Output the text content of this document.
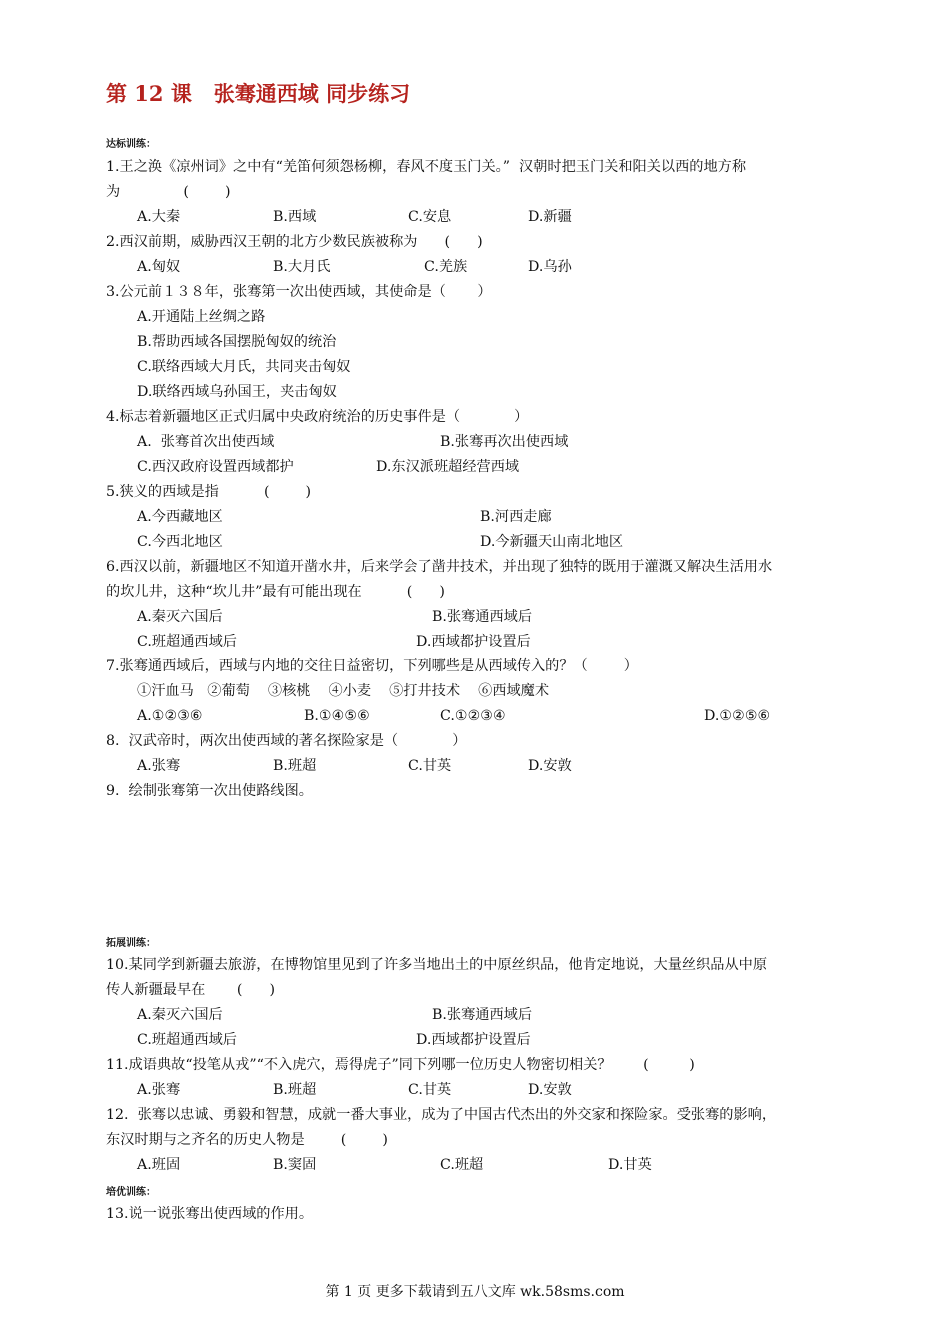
第 12 课   张骞通西域 同步练习
达标训练：
1.王之涣《凉州词》之中有“羌笛何须怨杨柳，春风不度玉门关。”  汉朝时把玉门关和阳关以西的地方称
为              (        )
A.大秦	B.西域	C.安息	D.新疆
2.西汉前期，威胁西汉王朝的北方少数民族被称为      (      )
A.匈奴	B.大月氏	C.羌族	D.乌孙
3.公元前１３８年，张骞第一次出使西域，其使命是（       ）
A.开通陆上丝绸之路
B.帮助西域各国摆脱匈奴的统治
C.联络西域大月氏，共同夹击匈奴
D.联络西域乌孙国王，夹击匈奴
4.标志着新疆地区正式归属中央政府统治的历史事件是（            ）
A.  张骞首次出使西域	B.张骞再次出使西域
C.西汉政府设置西域都护	D.东汉派班超经营西域
5.狭义的西域是指          (        )
A.今西藏地区	B.河西走廊
C.今西北地区	D.今新疆天山南北地区
6.西汉以前，新疆地区不知道开凿水井，后来学会了凿井技术，并出现了独特的既用于灌溉又解决生活用水
的坎儿井，这种“坎儿井”最有可能出现在          (      )
A.秦灭六国后	B.张骞通西域后
C.班超通西域后	D.西域都护设置后
7.张骞通西域后，西域与内地的交往日益密切，下列哪些是从西域传入的？（        ）
①汗血马   ②葡萄    ③核桃    ④小麦    ⑤打井技术    ⑥西域魔术
A.①②③⑥	B.①④⑤⑥	C.①②③④	D.①②⑤⑥
8.  汉武帝时，两次出使西域的著名探险家是（            ）
A.张骞	B.班超	C.甘英	D.安敦
9.  绘制张骞第一次出使路线图。
拓展训练：
10.某同学到新疆去旅游，在博物馆里见到了许多当地出土的中原丝织品，他肯定地说，大量丝织品从中原
传人新疆最早在       (      )
A.秦灭六国后	B.张骞通西域后
C.班超通西域后	D.西域都护设置后
11.成语典故“投笔从戎”“不入虎穴，焉得虎子”同下列哪一位历史人物密切相关？       (         )
A.张骞	B.班超	C.甘英	D.安敦
12.  张骞以忠诚、勇毅和智慧，成就一番大事业，成为了中国古代杰出的外交家和探险家。受张骞的影响，
东汉时期与之齐名的历史人物是        (        )
A.班固	B.窦固	C.班超	D.甘英
培优训练：
13.说一说张骞出使西域的作用。
第 1 页 更多下载请到五八文库 wk.58sms.com
